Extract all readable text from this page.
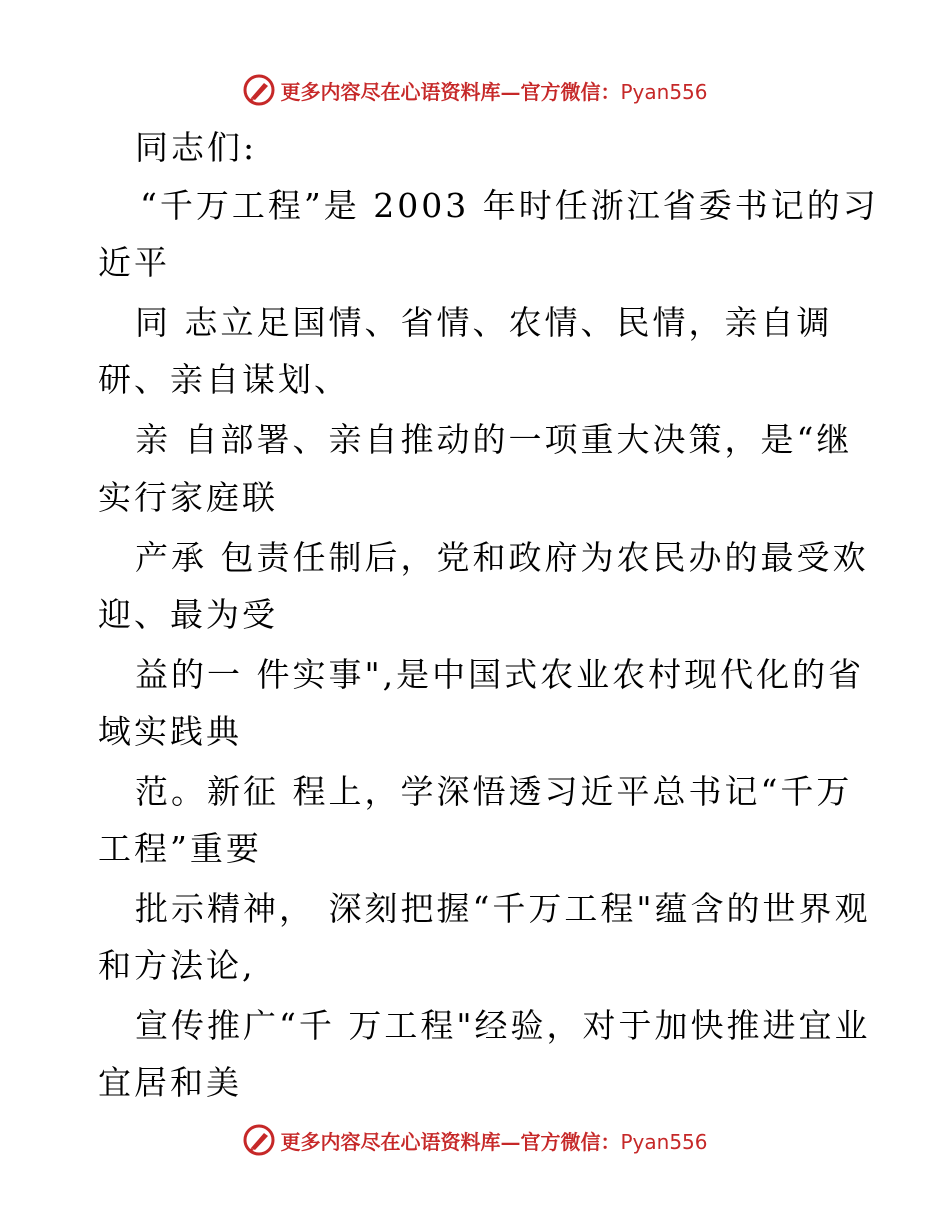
更多内容尽在心语资料库—官方微信：Pyan556
同志们:
“千万工程”是 2003 年时任浙江省委书记的习
近平
同 志立足国情、省情、农情、民情，亲自调
研、亲自谋划、
亲 自部署、亲自推动的一项重大决策，是“继
实行家庭联
产承 包责任制后，党和政府为农民办的最受欢
迎、最为受
益的一 件实事",是中国式农业农村现代化的省
域实践典
范。新征 程上，学深悟透习近平总书记“千万
工程”重要
批示精神， 深刻把握“千万工程"蕴含的世界观
和方法论,
宣传推广“千 万工程"经验，对于加快推进宜业
宜居和美
更多内容尽在心语资料库—官方微信：Pyan556
